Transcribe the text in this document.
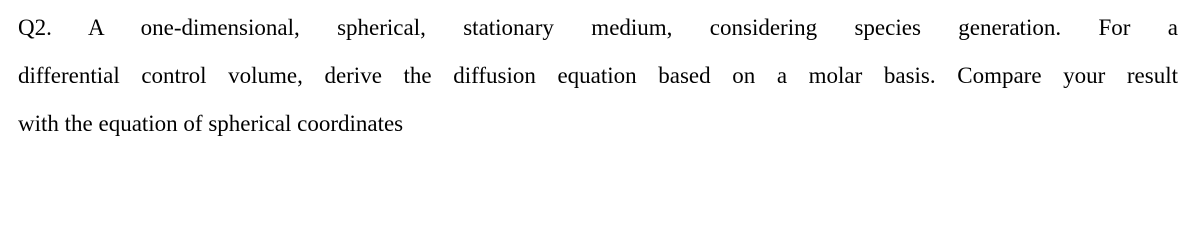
Q2. A one-dimensional, spherical, stationary medium, considering species generation. For a
differential control volume, derive the diffusion equation based on a molar basis. Compare your result
with the equation of spherical coordinates
